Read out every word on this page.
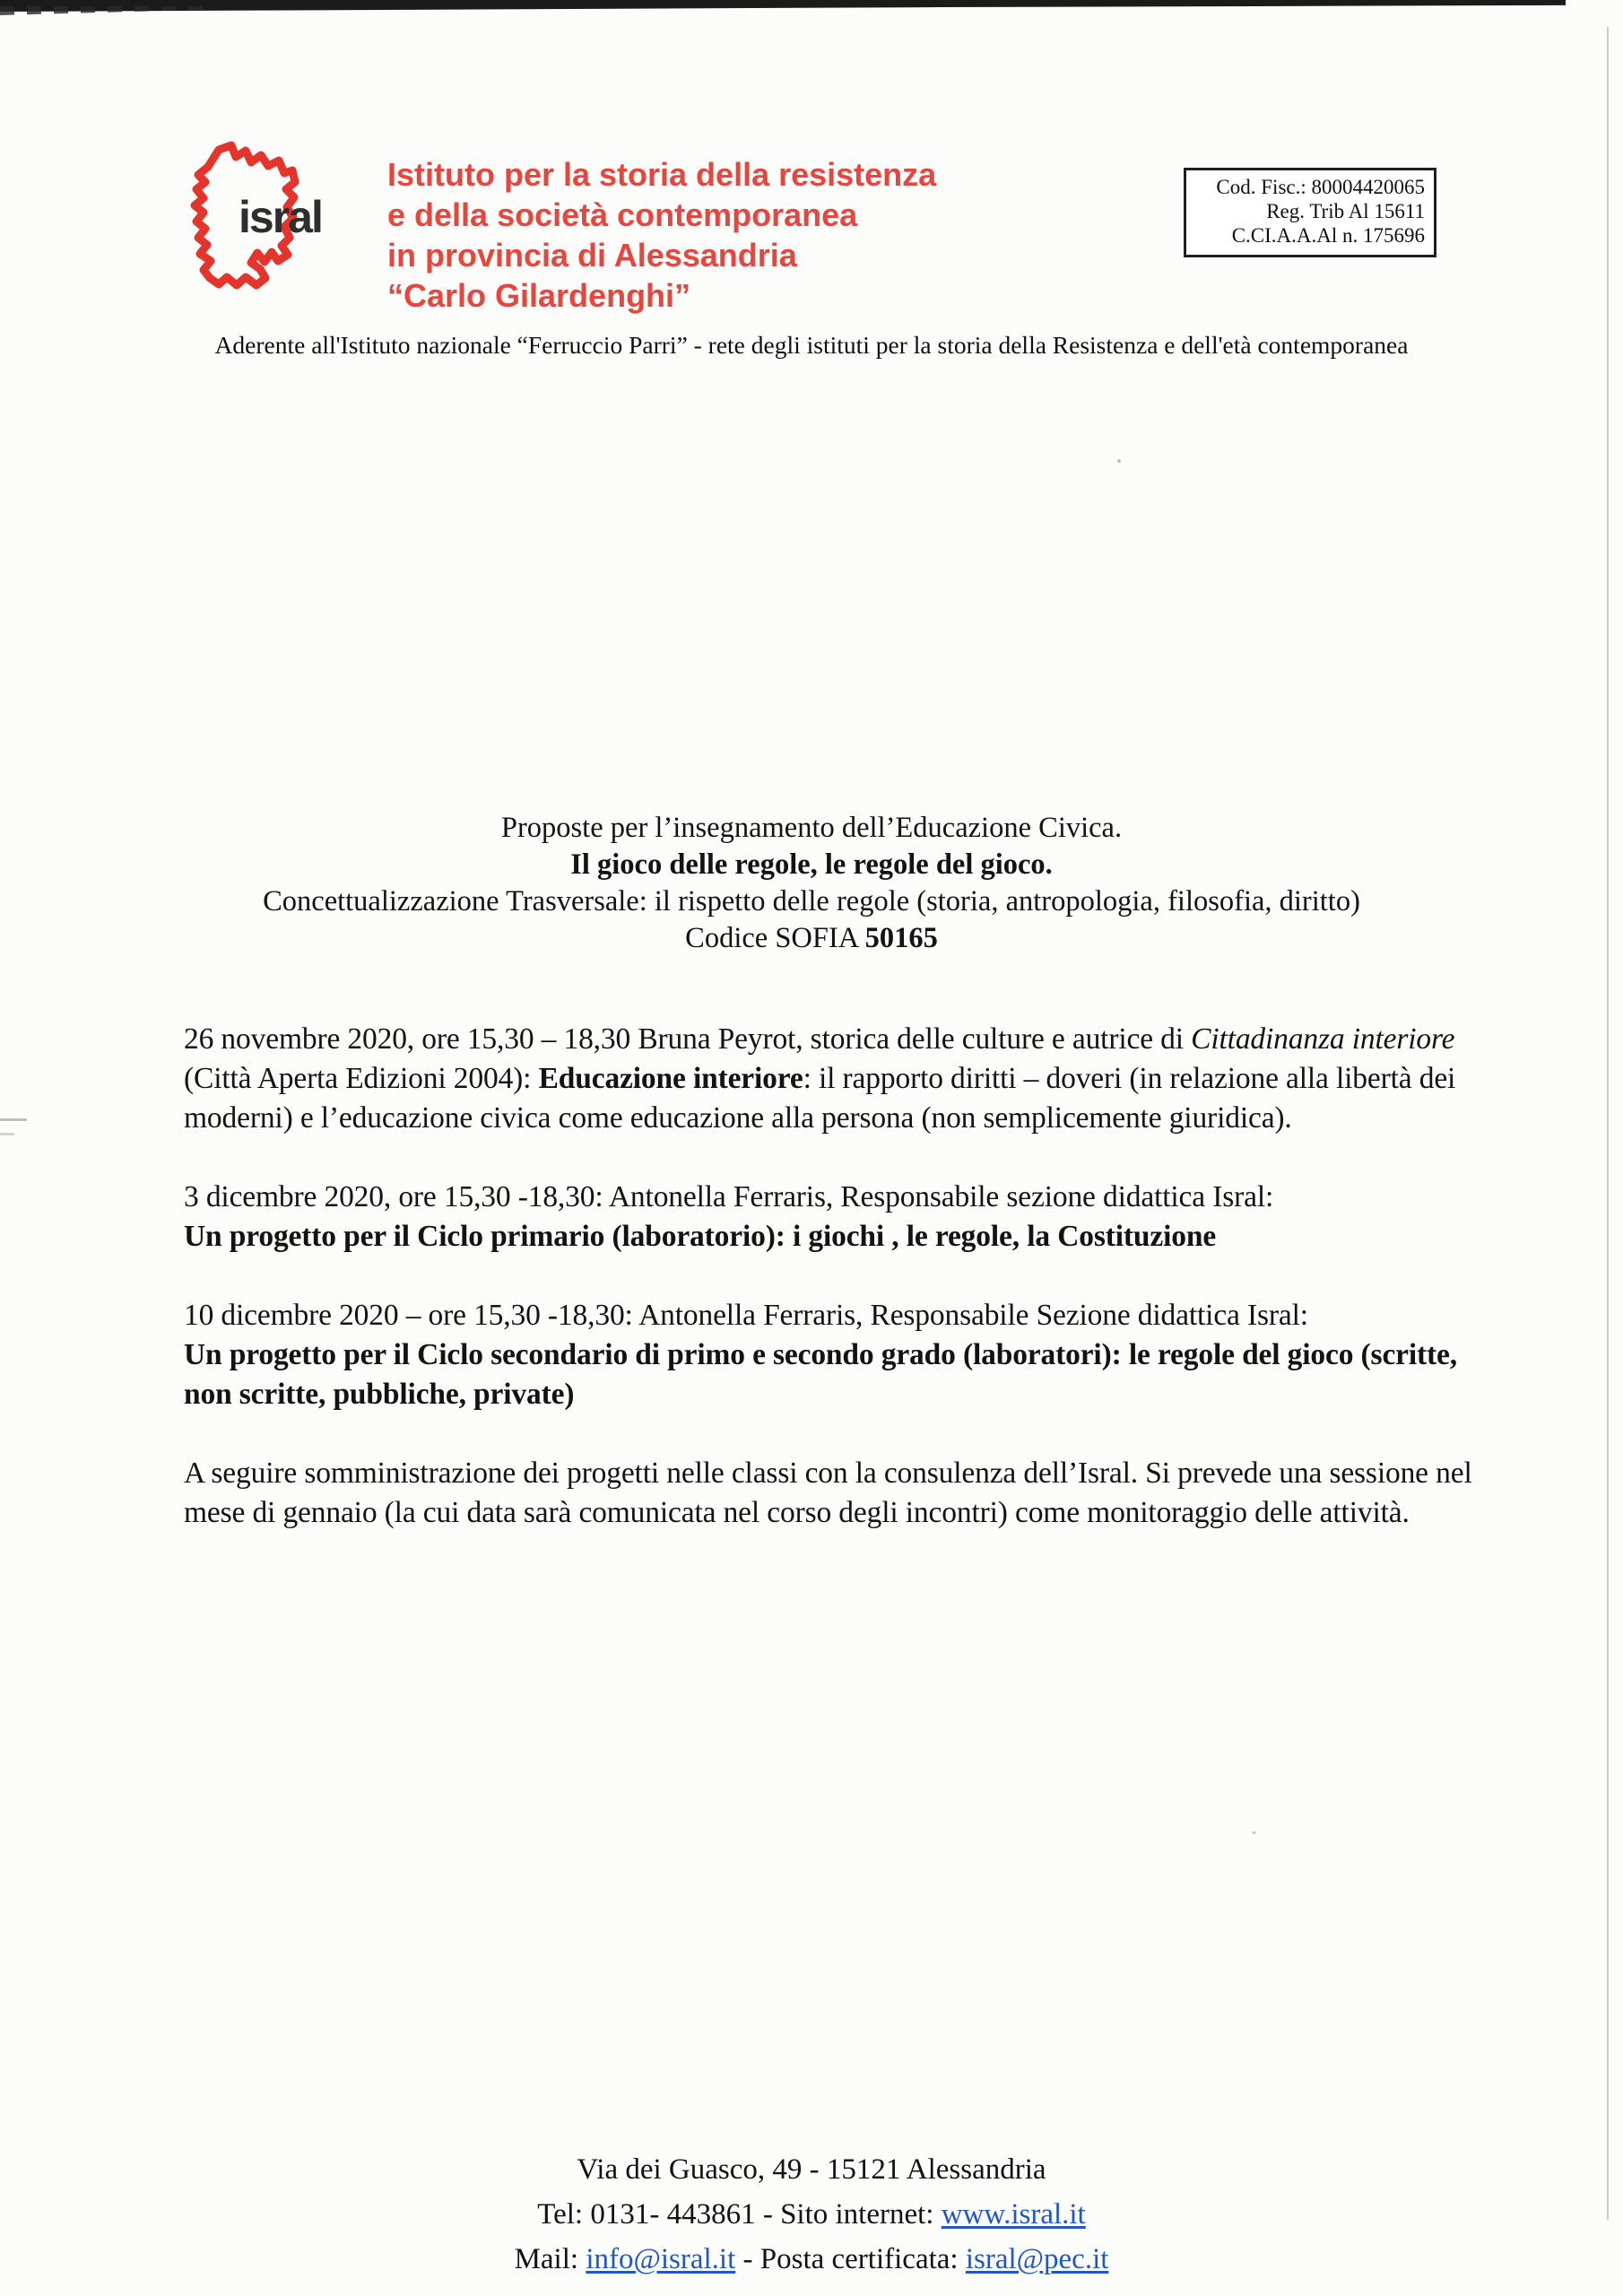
isral
Istituto per la storia della resistenza
e della società contemporanea
in provincia di Alessandria
“Carlo Gilardenghi”
Cod. Fisc.: 80004420065
Reg. Trib Al 15611
C.CI.A.A.Al n. 175696
Aderente all'Istituto nazionale “Ferruccio Parri” - rete degli istituti per la storia della Resistenza e dell'età contemporanea
Proposte per l’insegnamento dell’Educazione Civica.
Il gioco delle regole, le regole del gioco.
Concettualizzazione Trasversale: il rispetto delle regole (storia, antropologia, filosofia, diritto)
Codice SOFIA 50165

26 novembre 2020, ore 15,30 – 18,30 Bruna Peyrot, storica delle culture e autrice di Cittadinanza interiore (Città Aperta Edizioni 2004): Educazione interiore: il rapporto diritti – doveri (in relazione alla libertà dei moderni) e l’educazione civica come educazione alla persona (non semplicemente giuridica).

3 dicembre 2020, ore 15,30 -18,30: Antonella Ferraris, Responsabile sezione didattica Isral:
Un progetto per il Ciclo primario (laboratorio): i giochi , le regole, la Costituzione

10 dicembre 2020 – ore 15,30 -18,30: Antonella Ferraris, Responsabile Sezione didattica Isral:
Un progetto per il Ciclo secondario di primo e secondo grado (laboratori): le regole del gioco (scritte, non scritte, pubbliche, private)

A seguire somministrazione dei progetti nelle classi con la consulenza dell’Isral. Si prevede una sessione nel mese di gennaio (la cui data sarà comunicata nel corso degli incontri) come monitoraggio delle attività.

Via dei Guasco, 49 - 15121 Alessandria
Tel: 0131- 443861 - Sito internet: www.isral.it
Mail: info@isral.it - Posta certificata: isral@pec.it
